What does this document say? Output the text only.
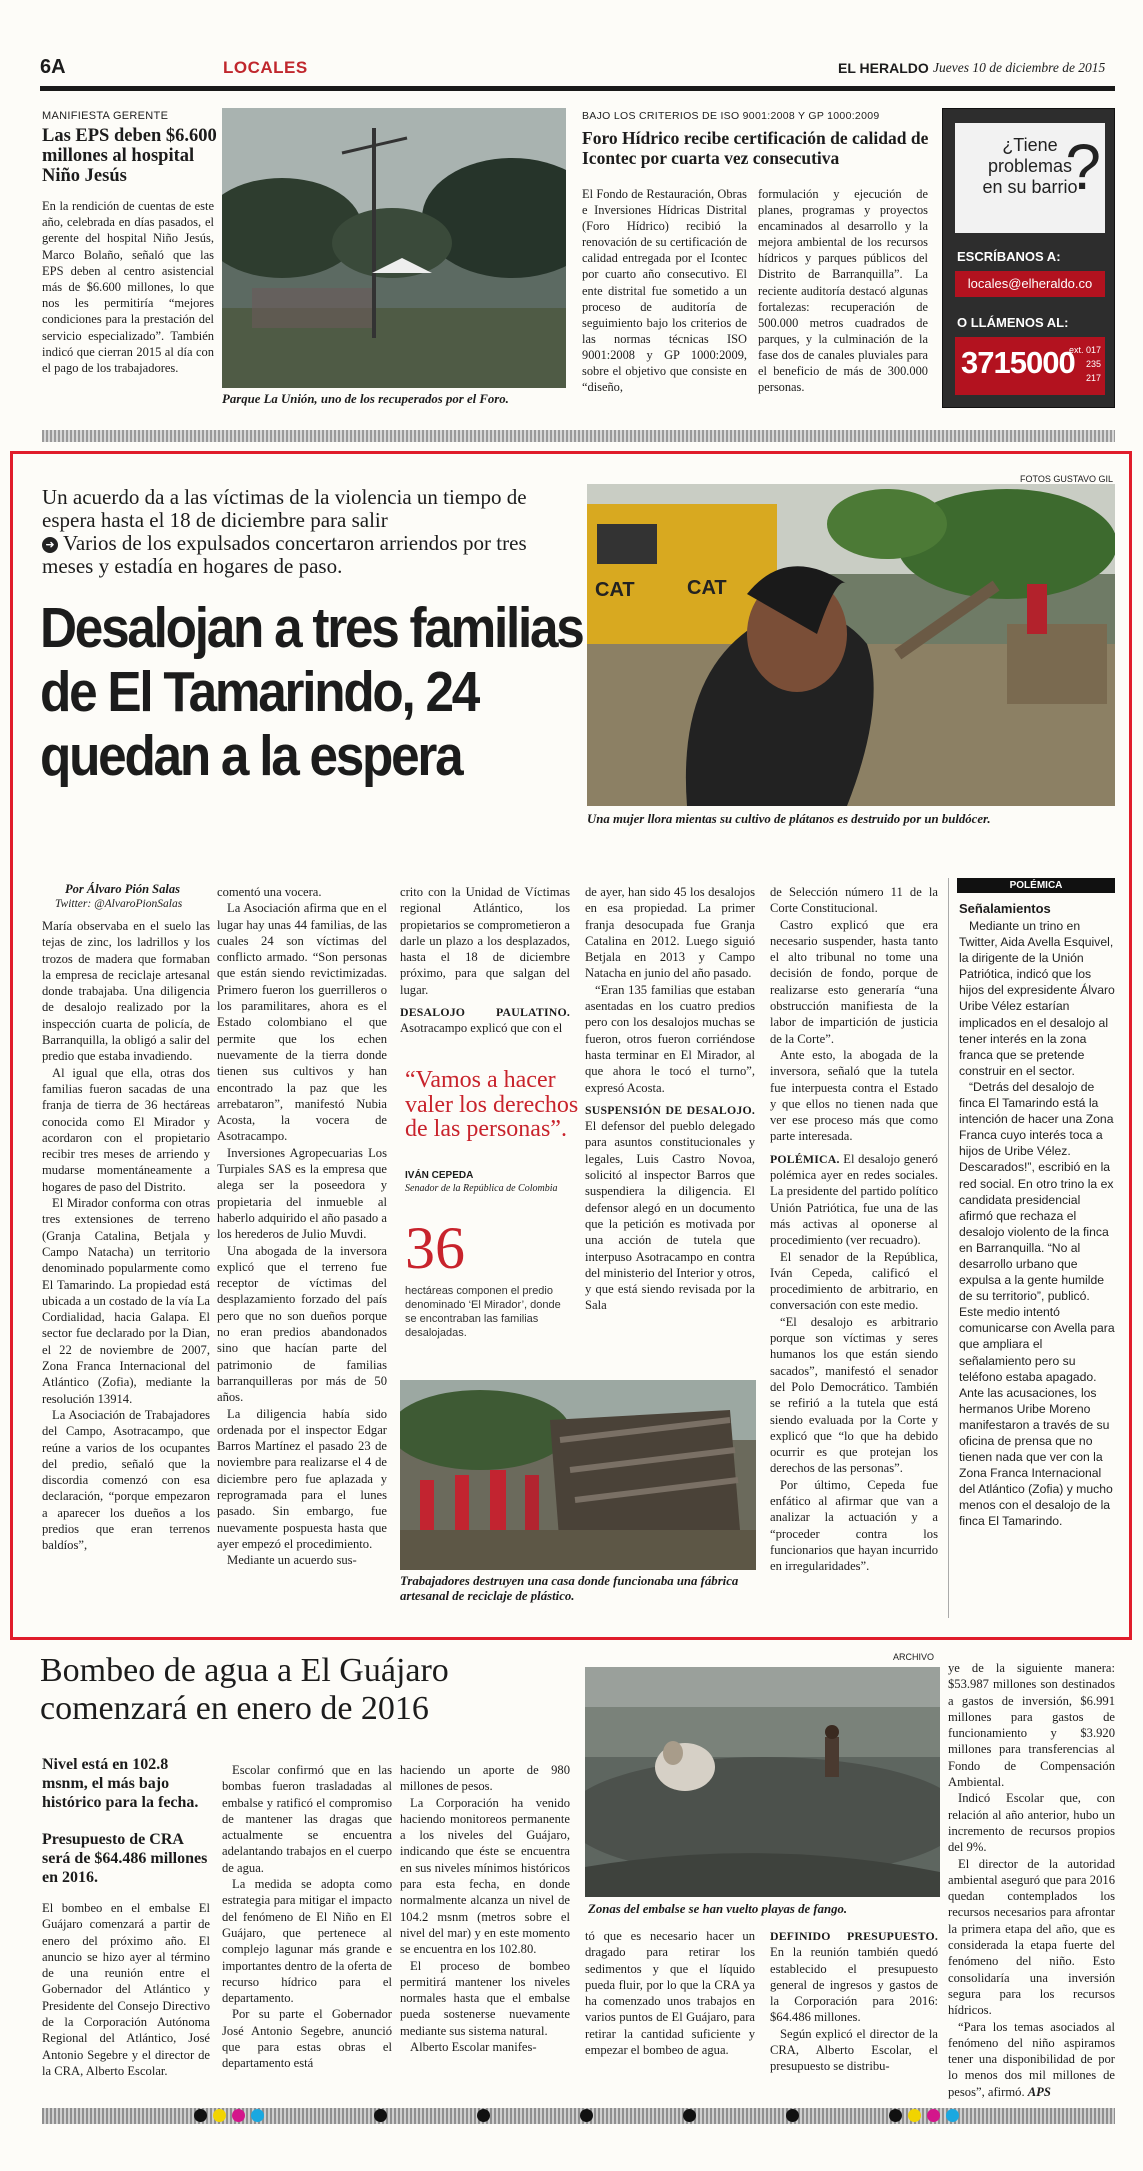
6A	LOCALES	EL HERALDO Jueves 10 de diciembre de 2015
MANIFIESTA GERENTE
Las EPS deben $6.600 millones al hospital Niño Jesús

En la rendición de cuentas de este año, celebrada en días pasados, el gerente del hospital Niño Jesús, Marco Bolaño, señaló que las EPS deben al centro asistencial más de $6.600 millones, lo que nos les permitiría “mejores condiciones para la prestación del servicio especializado”. También indicó que cierran 2015 al día con el pago de los trabajadores.

Parque La Unión, uno de los recuperados por el Foro.
BAJO LOS CRITERIOS DE ISO 9001:2008 Y GP 1000:2009
Foro Hídrico recibe certificación de calidad de Icontec por cuarta vez consecutiva

El Fondo de Restauración, Obras e Inversiones Hídricas Distrital (Foro Hídrico) recibió la renovación de su certificación de calidad entregada por el Icontec por cuarto año consecutivo. El ente distrital fue sometido a un proceso de auditoría de seguimiento bajo los criterios de las normas técnicas ISO 9001:2008 y GP 1000:2009, sobre el objetivo que consiste en “diseño,

formulación y ejecución de planes, programas y proyectos encaminados al desarrollo y la mejora ambiental de los recursos hídricos y parques públicos del Distrito de Barranquilla”. La reciente auditoría destacó algunas fortalezas: recuperación de 500.000 metros cuadrados de parques, y la culminación de la fase dos de canales pluviales para el beneficio de más de 300.000 personas.

¿Tiene
problemas
en su barrio
?
ESCRÍBANOS A:
locales@elheraldo.co
O LLÁMENOS AL:
3715000
ext. 017
235
217
FOTOS GUSTAVO GIL
Un acuerdo da a las víctimas de la violencia un tiempo de espera hasta el 18 de diciembre para salir
➜ Varios de los expulsados concertaron arriendos por tres meses y estadía en hogares de paso.
Desalojan a tres familias
de El Tamarindo, 24
quedan a la espera
CAT	CAT
Una mujer llora mientas su cultivo de plátanos es destruido por un buldócer.
Por Álvaro Pión Salas
Twitter: @AlvaroPionSalas

María observaba en el suelo las tejas de zinc, los ladrillos y los trozos de madera que formaban la empresa de reciclaje artesanal donde trabajaba. Una diligencia de desalojo realizado por la inspección cuarta de policía, de Barranquilla, la obligó a salir del predio que estaba invadiendo.

Al igual que ella, otras dos familias fueron sacadas de una franja de tierra de 36 hectáreas conocida como El Mirador y acordaron con el propietario recibir tres meses de arriendo y mudarse momentáneamente a hogares de paso del Distrito.

El Mirador conforma con otras tres extensiones de terreno (Granja Catalina, Betjala y Campo Natacha) un territorio denominado popularmente como El Tamarindo. La propiedad está ubicada a un costado de la vía La Cordialidad, hacia Galapa. El sector fue declarado por la Dian, el 22 de noviembre de 2007, Zona Franca Internacional del Atlántico (Zofia), mediante la resolución 13914.

La Asociación de Trabajadores del Campo, Asotracampo, que reúne a varios de los ocupantes del predio, señaló que la discordia comenzó con esa declaración, “porque empezaron a aparecer los dueños a los predios que eran terrenos baldíos”,

comentó una vocera.

La Asociación afirma que en el lugar hay unas 44 familias, de las cuales 24 son víctimas del conflicto armado. “Son personas que están siendo revictimizadas. Primero fueron los guerrilleros o los paramilitares, ahora es el Estado colombiano el que permite que los echen nuevamente de la tierra donde tienen sus cultivos y han encontrado la paz que les arrebataron”, manifestó Nubia Acosta, la vocera de Asotracampo.

Inversiones Agropecuarias Los Turpiales SAS es la empresa que alega ser la poseedora y propietaria del inmueble al haberlo adquirido el año pasado a los herederos de Julio Muvdi.

Una abogada de la inversora explicó que el terreno fue receptor de víctimas del desplazamiento forzado del país pero que no son dueños porque no eran predios abandonados sino que hacían parte del patrimonio de familias barranquilleras por más de 50 años.

La diligencia había sido ordenada por el inspector Edgar Barros Martínez el pasado 23 de noviembre para realizarse el 4 de diciembre pero fue aplazada y reprogramada para el lunes pasado. Sin embargo, fue nuevamente pospuesta hasta que ayer empezó el procedimiento.

Mediante un acuerdo sus-

crito con la Unidad de Víctimas regional Atlántico, los propietarios se comprometieron a darle un plazo a los desplazados, hasta el 18 de diciembre próximo, para que salgan del lugar.

DESALOJO PAULATINO. Asotracampo explicó que con el

“Vamos a hacer valer los derechos de las personas”.
IVÁN CEPEDA
Senador de la República de Colombia
36
hectáreas componen el predio denominado ‘El Mirador’, donde se encontraban las familias desalojadas.

de ayer, han sido 45 los desalojos en esa propiedad. La primer franja desocupada fue Granja Catalina en 2012. Luego siguió Betjala en 2013 y Campo Natacha en junio del año pasado.

“Eran 135 familias que estaban asentadas en los cuatro predios pero con los desalojos muchas se fueron, otros fueron corriéndose hasta terminar en El Mirador, al que ahora le tocó el turno”, expresó Acosta.

SUSPENSIÓN DE DESALOJO. El defensor del pueblo delegado para asuntos constitucionales y legales, Luis Castro Novoa, solicitó al inspector Barros que suspendiera la diligencia. El defensor alegó en un documento que la petición es motivada por una acción de tutela que interpuso Asotracampo en contra del ministerio del Interior y otros, y que está siendo revisada por la Sala

de Selección número 11 de la Corte Constitucional.

Castro explicó que era necesario suspender, hasta tanto el alto tribunal no tome una decisión de fondo, porque de realizarse esto generaría “una obstrucción manifiesta de la labor de impartición de justicia de la Corte”.

Ante esto, la abogada de la inversora, señaló que la tutela fue interpuesta contra el Estado y que ellos no tienen nada que ver ese proceso más que como parte interesada.

POLÉMICA. El desalojo generó polémica ayer en redes sociales. La presidente del partido político Unión Patriótica, fue una de las más activas al oponerse al procedimiento (ver recuadro).

El senador de la República, Iván Cepeda, calificó el procedimiento de arbitrario, en conversación con este medio.

“El desalojo es arbitrario porque son víctimas y seres humanos los que están siendo sacados”, manifestó el senador del Polo Democrático. También se refirió a la tutela que está siendo evaluada por la Corte y explicó que “lo que ha debido ocurrir es que protejan los derechos de las personas”.

Por último, Cepeda fue enfático al afirmar que van a analizar la actuación y a “proceder contra los funcionarios que hayan incurrido en irregularidades”.

Trabajadores destruyen una casa donde funcionaba una fábrica artesanal de reciclaje de plástico.
POLÉMICA
Señalamientos

Mediante un trino en Twitter, Aida Avella Esquivel, la dirigente de la Unión Patriótica, indicó que los hijos del expresidente Álvaro Uribe Vélez estarían implicados en el desalojo al tener interés en la zona franca que se pretende construir en el sector.

“Detrás del desalojo de finca El Tamarindo está la intención de hacer una Zona Franca cuyo interés toca a hijos de Uribe Vélez. Descarados!”, escribió en la red social. En otro trino la ex candidata presidencial afirmó que rechaza el desalojo violento de la finca en Barranquilla. “No al desarrollo urbano que expulsa a la gente humilde de su territorio”, publicó. Este medio intentó comunicarse con Avella para que ampliara el señalamiento pero su teléfono estaba apagado. Ante las acusaciones, los hermanos Uribe Moreno manifestaron a través de su oficina de prensa que no tienen nada que ver con la Zona Franca Internacional del Atlántico (Zofia) y mucho menos con el desalojo de la finca El Tamarindo.

Bombeo de agua a El Guájaro
comenzará en enero de 2016
ARCHIVO
Nivel está en 102.8 msnm, el más bajo histórico para la fecha.
Presupuesto de CRA será de $64.486 millones en 2016.

El bombeo en el embalse El Guájaro comenzará a partir de enero del próximo año. El anuncio se hizo ayer al término de una reunión entre el Gobernador del Atlántico y Presidente del Consejo Directivo de la Corporación Autónoma Regional del Atlántico, José Antonio Segebre y el director de la CRA, Alberto Escolar.

Escolar confirmó que en las bombas fueron trasladadas al embalse y ratificó el compromiso de mantener las dragas que actualmente se encuentra adelantando trabajos en el cuerpo de agua.

La medida se adopta como estrategia para mitigar el impacto del fenómeno de El Niño en El Guájaro, que pertenece al complejo lagunar más grande e importantes dentro de la oferta de recurso hídrico para el departamento.

Por su parte el Gobernador José Antonio Segebre, anunció que para estas obras el departamento está

haciendo un aporte de 980 millones de pesos.

La Corporación ha venido haciendo monitoreos permanente a los niveles del Guájaro, indicando que éste se encuentra en sus niveles mínimos históricos para esta fecha, en donde normalmente alcanza un nivel de 104.2 msnm (metros sobre el nivel del mar) y en este momento se encuentra en los 102.80.

El proceso de bombeo permitirá mantener los niveles normales hasta que el embalse pueda sostenerse nuevamente mediante sus sistema natural.

Alberto Escolar manifes-

Zonas del embalse se han vuelto playas de fango.

tó que es necesario hacer un dragado para retirar los sedimentos y que el líquido pueda fluir, por lo que la CRA ya ha comenzado unos trabajos en varios puntos de El Guájaro, para retirar la cantidad suficiente y empezar el bombeo de agua.

DEFINIDO PRESUPUESTO. En la reunión también quedó establecido el presupuesto general de ingresos y gastos de la Corporación para 2016: $64.486 millones.

Según explicó el director de la CRA, Alberto Escolar, el presupuesto se distribu-

ye de la siguiente manera: $53.987 millones son destinados a gastos de inversión, $6.991 millones para gastos de funcionamiento y $3.920 millones para transferencias al Fondo de Compensación Ambiental.

Indicó Escolar que, con relación al año anterior, hubo un incremento de recursos propios del 9%.

El director de la autoridad ambiental aseguró que para 2016 quedan contemplados los recursos necesarios para afrontar la primera etapa del año, que es considerada la etapa fuerte del fenómeno del niño. Esto consolidaría una inversión segura para los recursos hídricos.

“Para los temas asociados al fenómeno del niño aspiramos tener una disponibilidad de por lo menos dos mil millones de pesos”, afirmó. APS
